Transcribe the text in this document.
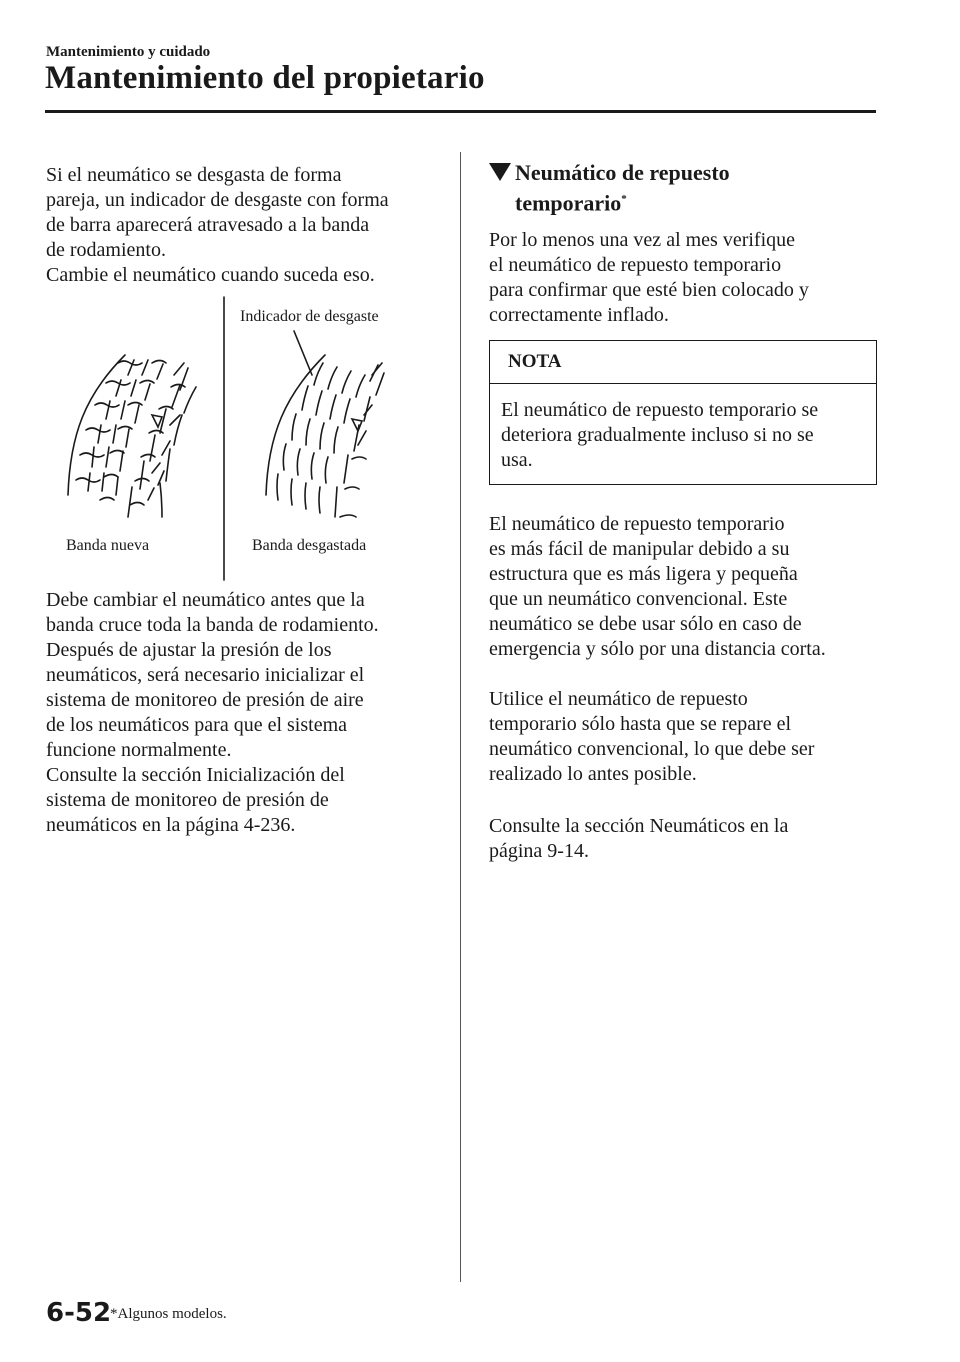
Mantenimiento y cuidado
Mantenimiento del propietario

Si el neumático se desgasta de forma
pareja, un indicador de desgaste con forma
de barra aparecerá atravesado a la banda
de rodamiento.
Cambie el neumático cuando suceda eso.

Indicador de desgaste
Banda nueva	Banda desgastada

Debe cambiar el neumático antes que la
banda cruce toda la banda de rodamiento.
Después de ajustar la presión de los
neumáticos, será necesario inicializar el
sistema de monitoreo de presión de aire
de los neumáticos para que el sistema
funcione normalmente.
Consulte la sección Inicialización del
sistema de monitoreo de presión de
neumáticos en la página 4-236.

Neumático de repuesto
temporario*

Por lo menos una vez al mes verifique
el neumático de repuesto temporario
para confirmar que esté bien colocado y
correctamente inflado.

NOTA
El neumático de repuesto temporario se
deteriora gradualmente incluso si no se
usa.

El neumático de repuesto temporario
es más fácil de manipular debido a su
estructura que es más ligera y pequeña
que un neumático convencional. Este
neumático se debe usar sólo en caso de
emergencia y sólo por una distancia corta.

Utilice el neumático de repuesto
temporario sólo hasta que se repare el
neumático convencional, lo que debe ser
realizado lo antes posible.

Consulte la sección Neumáticos en la
página 9-14.

6-52
*Algunos modelos.
